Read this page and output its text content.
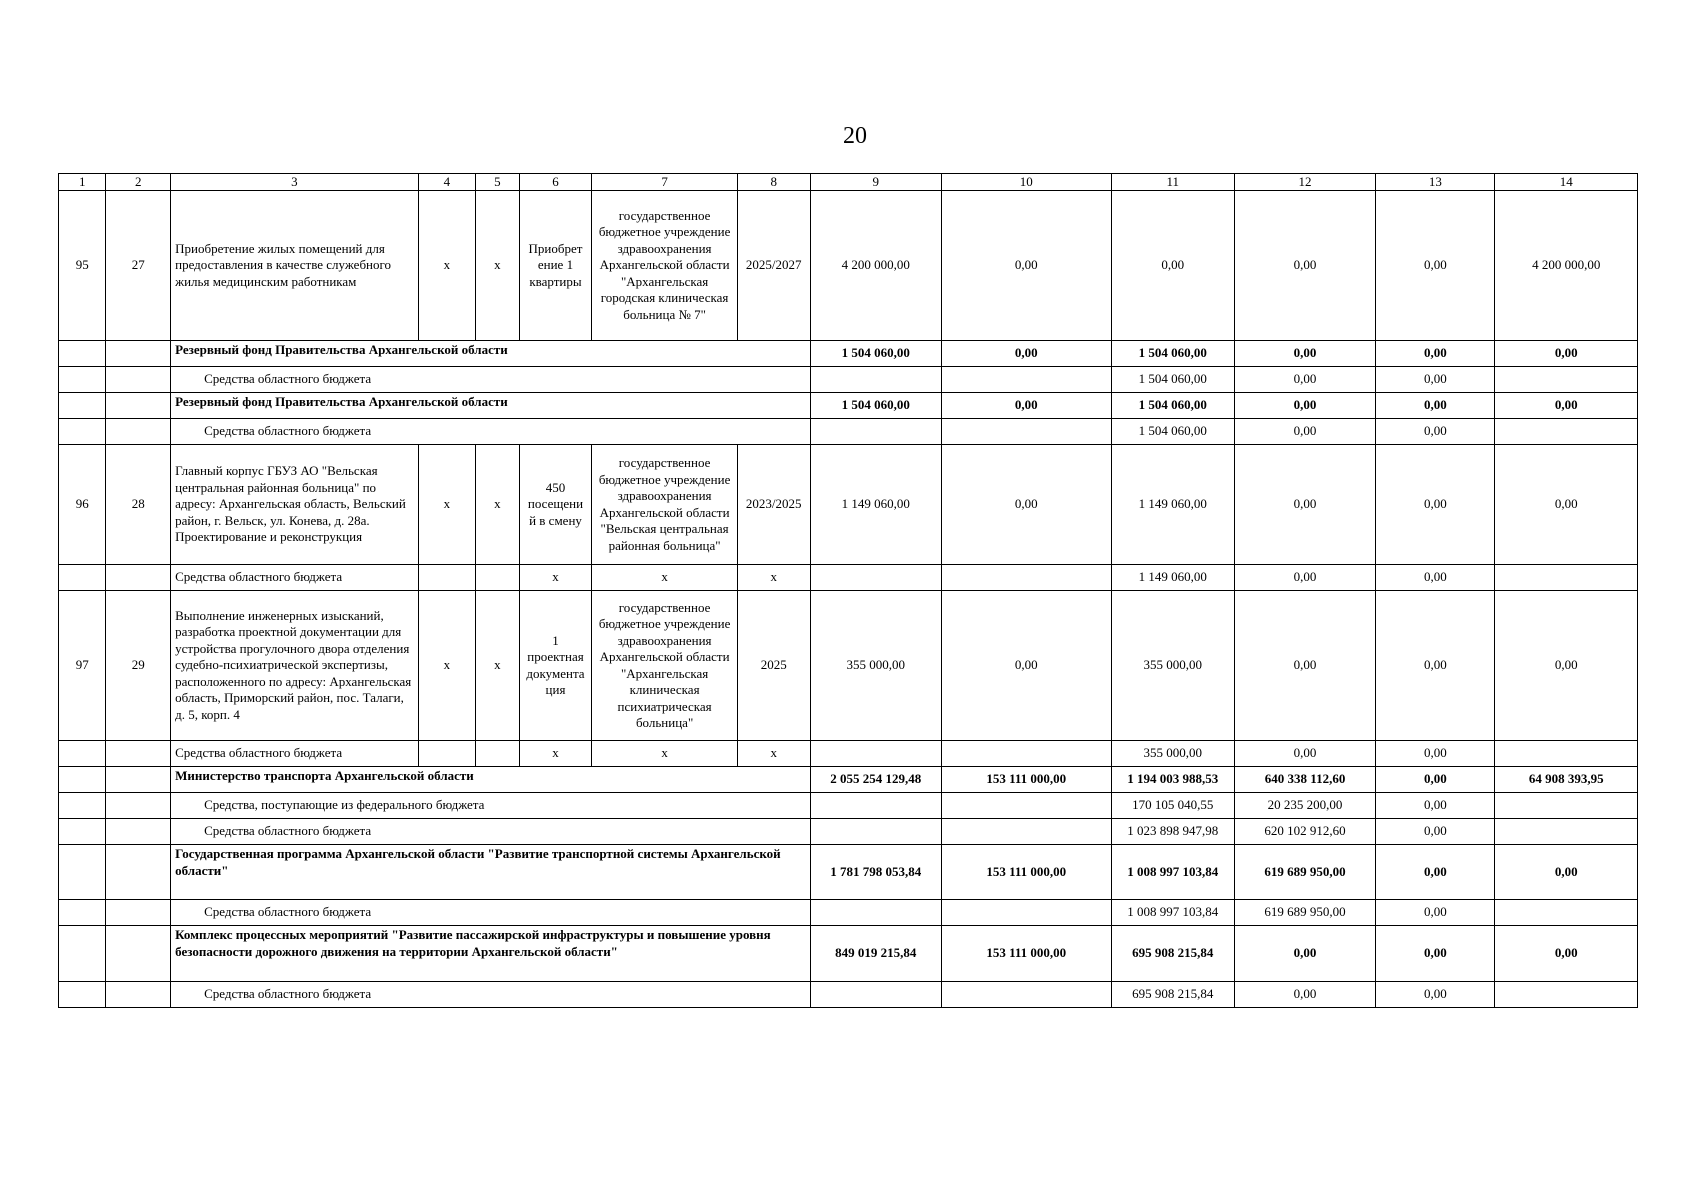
20
1	2	3	4	5	6	7	8	9	10	11	12	13	14
95	27	Приобретение жилых помещений для предоставления в качестве служебного жилья медицинским работникам	х	х	Приобрет ение 1 квартиры	государственное бюджетное учреждение здравоохранения Архангельской области "Архангельская городская клиническая больница № 7"	2025/2027	4 200 000,00	0,00	0,00	0,00	0,00	4 200 000,00
		Резервный фонд Правительства Архангельской области						1 504 060,00	0,00	1 504 060,00	0,00	0,00	0,00
		Средства областного бюджета								1 504 060,00	0,00	0,00	
		Резервный фонд Правительства Архангельской области						1 504 060,00	0,00	1 504 060,00	0,00	0,00	0,00
		Средства областного бюджета								1 504 060,00	0,00	0,00	
96	28	Главный корпус ГБУЗ АО "Вельская центральная районная больница" по адресу: Архангельская область, Вельский район, г. Вельск, ул. Конева, д. 28а. Проектирование и реконструкция	х	х	450 посещени й в смену	государственное бюджетное учреждение здравоохранения Архангельской области "Вельская центральная районная больница"	2023/2025	1 149 060,00	0,00	1 149 060,00	0,00	0,00	0,00
		Средства областного бюджета			х	х	х			1 149 060,00	0,00	0,00	
97	29	Выполнение инженерных изысканий, разработка проектной документации для устройства прогулочного двора отделения судебно-психиатрической экспертизы, расположенного по адресу: Архангельская область, Приморский район, пос. Талаги, д. 5, корп. 4	х	х	1 проектная документа ция	государственное бюджетное учреждение здравоохранения Архангельской области "Архангельская клиническая психиатрическая больница"	2025	355 000,00	0,00	355 000,00	0,00	0,00	0,00
		Средства областного бюджета			х	х	х			355 000,00	0,00	0,00	
		Министерство транспорта Архангельской области						2 055 254 129,48	153 111 000,00	1 194 003 988,53	640 338 112,60	0,00	64 908 393,95
		Средства, поступающие из федерального бюджета								170 105 040,55	20 235 200,00	0,00	
		Средства областного бюджета								1 023 898 947,98	620 102 912,60	0,00	
		Государственная программа Архангельской области "Развитие транспортной системы Архангельской области"						1 781 798 053,84	153 111 000,00	1 008 997 103,84	619 689 950,00	0,00	0,00
		Средства областного бюджета								1 008 997 103,84	619 689 950,00	0,00	
		Комплекс процессных мероприятий "Развитие пассажирской инфраструктуры и повышение уровня безопасности дорожного движения на территории Архангельской области"						849 019 215,84	153 111 000,00	695 908 215,84	0,00	0,00	0,00
		Средства областного бюджета								695 908 215,84	0,00	0,00	
